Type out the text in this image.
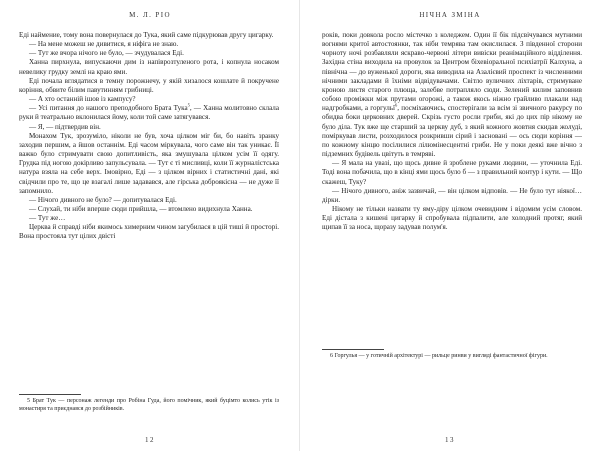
М. Л. РІО

Еді наймение, тому вона повернулася до Тука, який саме підкурював другу цигарку.

— На мене можеш не дивитися, я ніфіга не знаю.

— Тут же вчора нічого не було, — зчудувалася Еді.

Ханна пирхнула, випускаючи дим із напіврозтуленого рота, і копнула носаком невелику грудку землі на краю ями.

Еді почала вглядатися в темну порожнечу, у якій хизалося кошлате й покручене коріння, обвите білим павутинням грибниці.

— А хто останній ішов із кампусу?

— Усі питання до нашого преподобного Брата Тука$^5$, — Ханна молитовно склала руки й театрально вклонилася йому, коли той саме затягувався.

— Я, — підтвердив він.

Монахом Тук, зрозуміло, ніколи не був, хоча цілком міг би, бо навіть зранку заходив першим, а йшов останнім. Еді часом міркувала, чого саме він так уникає. Її важко було стримувати свою допитливість, яка змушувала цілком усім її одягу. Грудка під ногою докірливо запульсувала. — Тут є ті мисливці, коли її журналістська натура взяла на себе верх. Імовірно, Еді — з цілком вірних і статистичні дані, які свідчили про те, що це взагалі лише задавався, але гірська доброякісна — не дуже її запомнило.

— Нічого дивного не було? — допитувалася Еді.

— Слухай, ти ніби вперше сюди прийшла, — втомлено видихнула Ханна.

— Тут же…

Церква й справді ніби якимось химерним чином загубилася в цій тиші й просторі. Вона простояла тут цілих двісті

5 Брат Тук — персонаж легенди про Робіна Гуда, його помічник, який буцімто колись утік із монастиря та приєднався до розбійників.

12
НІЧНА ЗМІНА

років, поки довкола росло містечко з коледжем. Один її бік підсвічувався мутними вогнями критої автостоянки, так ніби темрява там окислилася. З південної сторони чорноту ночі розбавляли яскраво-червоні літери вивіски реанімаційного відділення. Західна стіна виходила на провулок за Центром біхевіоральної психіатрії Калхуна, а північна — до вуженької дороги, яка виводила на Азалієвий проспект із численними нічними закладами й їхніми відвідувачами. Світло вуличних ліхтарів, стримуване кроною листя старого плюща, залебве потрапляло сюди. Зелений килим заповнив собою проміжки між прутами огорожі, а також якось ніжно грайливо плакали над надгробками, а горгульї$^6$, посміхаючись, спостерігали за всім зі звичного ракурсу по обидва боки церковних дверей. Скрізь густо росли гриби, які до цих пір нікому не було діла. Тук вже ще старший за церкву дуб, з який кожного жовтня скидав жолуді, поміркував листи, розходилося розкривши сірий і засновані — ось сюди коріння — по кожному кінцю посілилися лілюмінесцентні гриби. Не у поки деякі вже вічно з підземних будівель цвітуть в темряві.

— Я мала на увазі, що щось дивне й зроблене руками людини, — уточнила Еді. Тоді вона побачила, що в кінці ями щось було б — з правильний контур і кути. — Що скажеш, Туку?

— Нічого дивного, аніж зазвичай, — він цілком відповів. — Не було тут ніякої… дірки.

Нікому не тільки назвати ту яму-діру цілком очевидним і відомим усім словом. Еді дістала з кишені цигарку й спробувала підпалити, але холодний протяг, який щипав її за носа, щоразу задував полум'я.

6 Горгулья — у готичній архітектурі — рильце ринви у вигляді фантастичної фігури.

13
